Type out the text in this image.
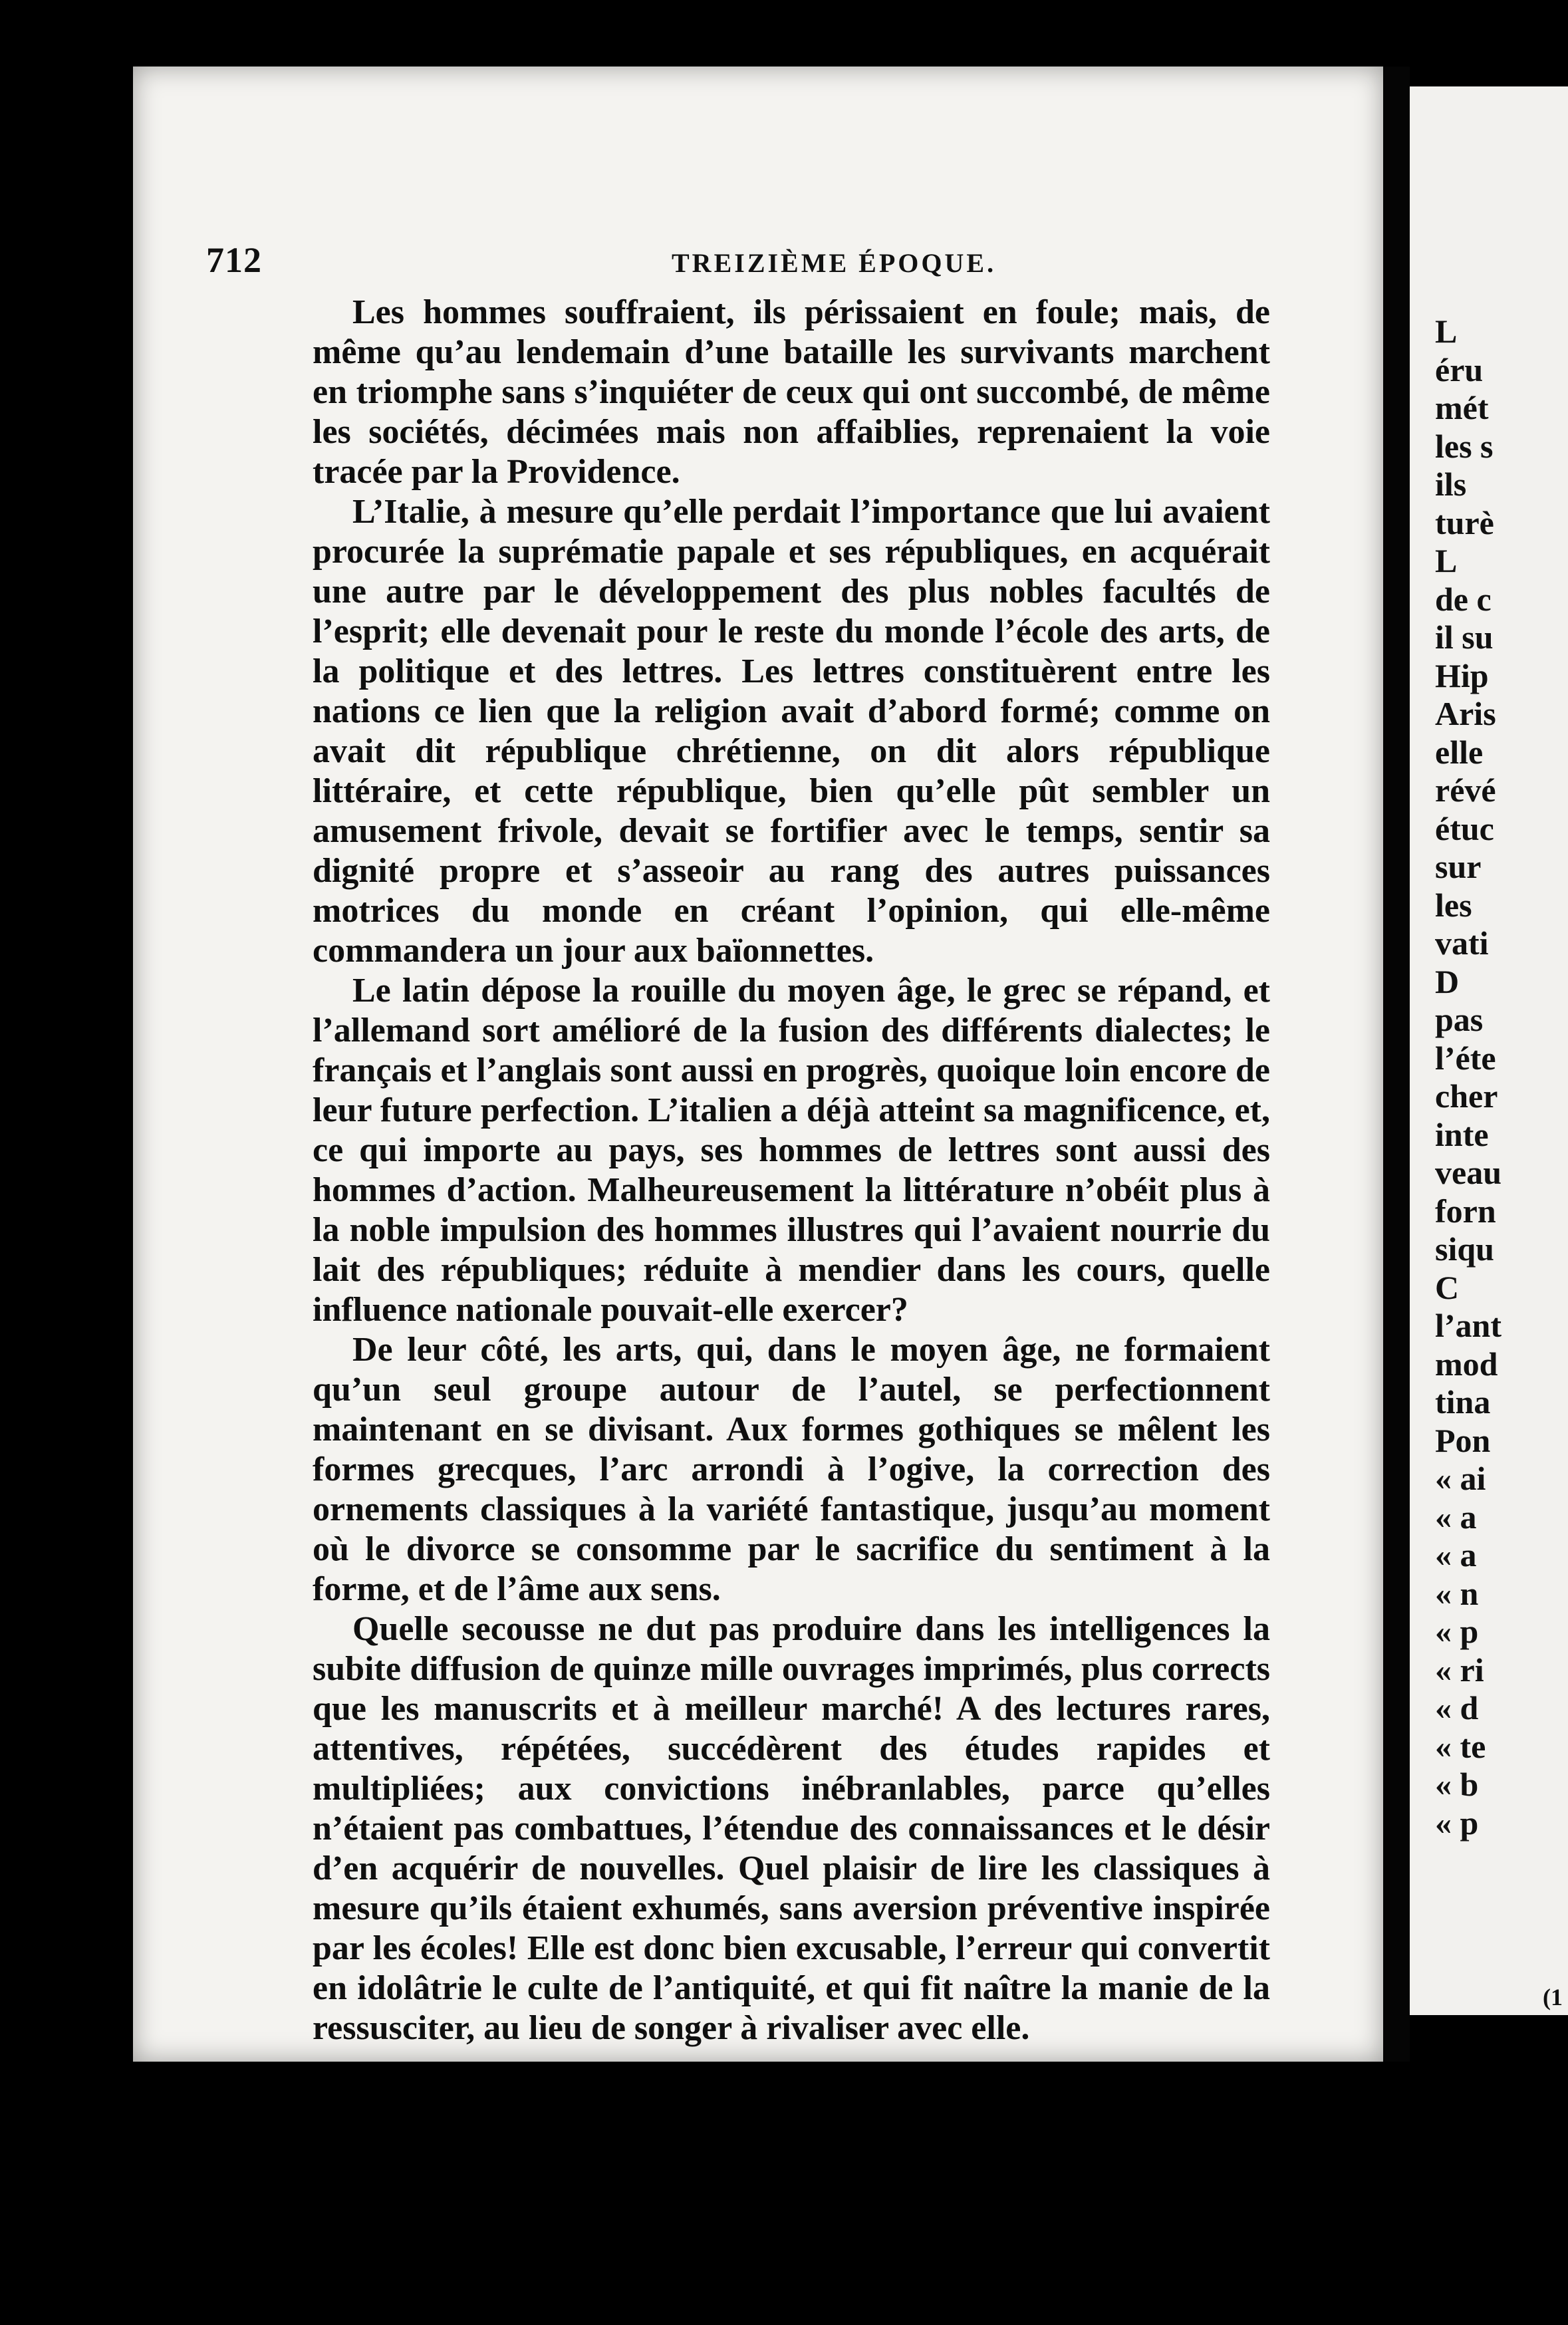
712	TREIZIÈME ÉPOQUE.

Les hommes souffraient, ils périssaient en foule; mais, de même qu’au lendemain d’une bataille les survivants marchent en triomphe sans s’inquiéter de ceux qui ont succombé, de même les sociétés, décimées mais non affaiblies, reprenaient la voie tracée par la Providence.

L’Italie, à mesure qu’elle perdait l’importance que lui avaient procurée la suprématie papale et ses républiques, en acquérait une autre par le développement des plus nobles facultés de l’esprit; elle devenait pour le reste du monde l’école des arts, de la politique et des lettres. Les lettres constituèrent entre les nations ce lien que la religion avait d’abord formé; comme on avait dit république chrétienne, on dit alors république littéraire, et cette république, bien qu’elle pût sembler un amusement frivole, devait se fortifier avec le temps, sentir sa dignité propre et s’asseoir au rang des autres puissances motrices du monde en créant l’opinion, qui elle-même commandera un jour aux baïonnettes.

Le latin dépose la rouille du moyen âge, le grec se répand, et l’allemand sort amélioré de la fusion des différents dialectes; le français et l’anglais sont aussi en progrès, quoique loin encore de leur future perfection. L’italien a déjà atteint sa magnificence, et, ce qui importe au pays, ses hommes de lettres sont aussi des hommes d’action. Malheureusement la littérature n’obéit plus à la noble impulsion des hommes illustres qui l’avaient nourrie du lait des républiques; réduite à mendier dans les cours, quelle influence nationale pouvait-elle exercer?

De leur côté, les arts, qui, dans le moyen âge, ne formaient qu’un seul groupe autour de l’autel, se perfectionnent maintenant en se divisant. Aux formes gothiques se mêlent les formes grecques, l’arc arrondi à l’ogive, la correction des ornements classiques à la variété fantastique, jusqu’au moment où le divorce se consomme par le sacrifice du sentiment à la forme, et de l’âme aux sens.

Quelle secousse ne dut pas produire dans les intelligences la subite diffusion de quinze mille ouvrages imprimés, plus corrects que les manuscrits et à meilleur marché! A des lectures rares, attentives, répétées, succédèrent des études rapides et multipliées; aux convictions inébranlables, parce qu’elles n’étaient pas combattues, l’étendue des connaissances et le désir d’en acquérir de nouvelles. Quel plaisir de lire les classiques à mesure qu’ils étaient exhumés, sans aversion préventive inspirée par les écoles! Elle est donc bien excusable, l’erreur qui convertit en idolâtrie le culte de l’antiquité, et qui fit naître la manie de la ressusciter, au lieu de songer à rivaliser avec elle.

L
éru
mét
les s
ils
turè
L
de c
il su
Hip
Aris
elle
révé
étuc
sur
les
vati
D
pas
l’éte
cher
inte
veau
forn
siqu
C
l’ant
mod
tina
Pon
« ai
« a
« a
« n
« p
« ri
« d
« te
« b
« p
(1
